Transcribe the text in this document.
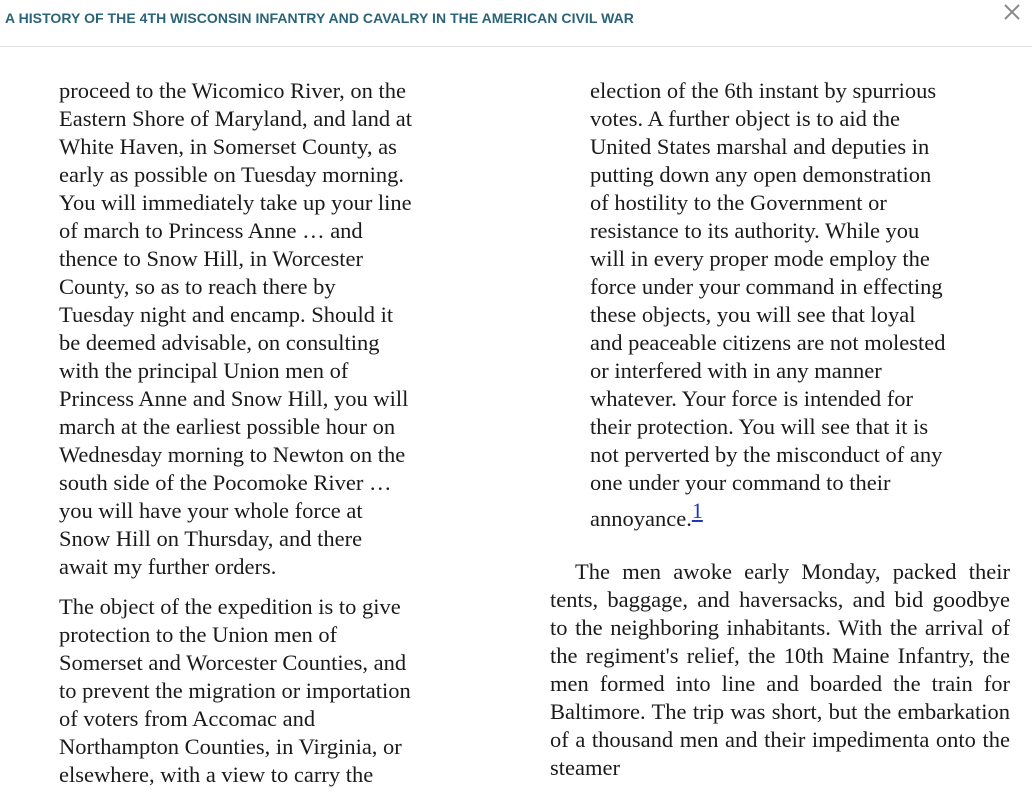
A HISTORY OF THE 4TH WISCONSIN INFANTRY AND CAVALRY IN THE AMERICAN CIVIL WAR

proceed to the Wicomico River, on the
Eastern Shore of Maryland, and land at
White Haven, in Somerset County, as
early as possible on Tuesday morning.
You will immediately take up your line
of march to Princess Anne … and
thence to Snow Hill, in Worcester
County, so as to reach there by
Tuesday night and encamp. Should it
be deemed advisable, on consulting
with the principal Union men of
Princess Anne and Snow Hill, you will
march at the earliest possible hour on
Wednesday morning to Newton on the
south side of the Pocomoke River …
you will have your whole force at
Snow Hill on Thursday, and there
await my further orders.

The object of the expedition is to give
protection to the Union men of
Somerset and Worcester Counties, and
to prevent the migration or importation
of voters from Accomac and
Northampton Counties, in Virginia, or
elsewhere, with a view to carry the

election of the 6th instant by spurrious
votes. A further object is to aid the
United States marshal and deputies in
putting down any open demonstration
of hostility to the Government or
resistance to its authority. While you
will in every proper mode employ the
force under your command in effecting
these objects, you will see that loyal
and peaceable citizens are not molested
or interfered with in any manner
whatever. Your force is intended for
their protection. You will see that it is
not perverted by the misconduct of any
one under your command to their
annoyance.1

The men awoke early Monday, packed their tents, baggage, and haversacks, and bid goodbye to the neighboring inhabitants. With the arrival of the regiment's relief, the 10th Maine Infantry, the men formed into line and boarded the train for Baltimore. The trip was short, but the embarkation of a thousand men and their impedimenta onto the steamer
